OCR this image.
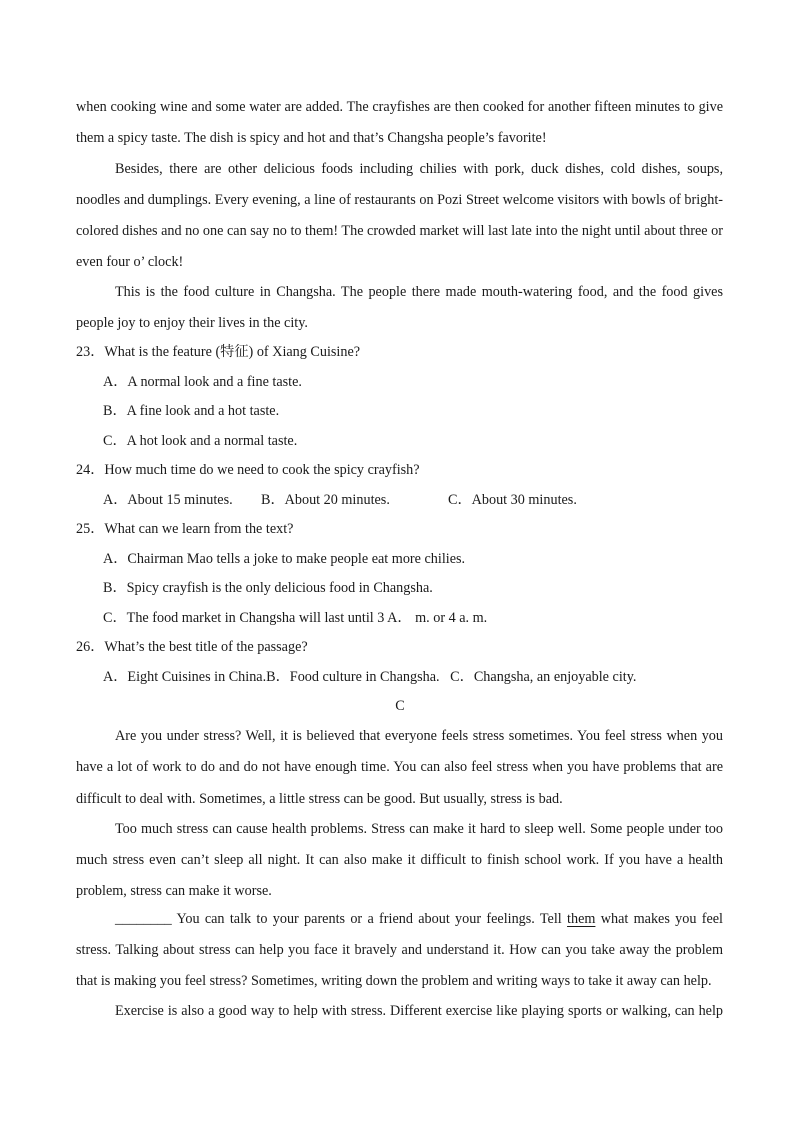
when cooking wine and some water are added. The crayfishes are then cooked for another fifteen minutes to give
them a spicy taste. The dish is spicy and hot and that’s Changsha people’s favorite!
Besides, there are other delicious foods including chilies with pork, duck dishes, cold dishes, soups,
noodles and dumplings. Every evening, a line of restaurants on Pozi Street welcome visitors with bowls of bright-
colored dishes and no one can say no to them! The crowded market will last late into the night until about three or
even four o’ clock!
This is the food culture in Changsha. The people there made mouth-watering food, and the food gives
people joy to enjoy their lives in the city.
23．What is the feature (特征) of Xiang Cuisine?
A．A normal look and a fine taste.
B．A fine look and a hot taste.
C．A hot look and a normal taste.
24．How much time do we need to cook the spicy crayfish?
A．About 15 minutes. B．About 20 minutes.	C．About 30 minutes.
25．What can we learn from the text?
A．Chairman Mao tells a joke to make people eat more chilies.
B．Spicy crayfish is the only delicious food in Changsha.
C．The food market in Changsha will last until 3 A． m. or 4 a. m.
26．What’s the best title of the passage?
A．Eight Cuisines in China.B．Food culture in Changsha.   C．Changsha, an enjoyable city.
C
Are you under stress? Well, it is believed that everyone feels stress sometimes. You feel stress when you
have a lot of work to do and do not have enough time. You can also feel stress when you have problems that are
difficult to deal with. Sometimes, a little stress can be good. But usually, stress is bad.
Too much stress can cause health problems. Stress can make it hard to sleep well. Some people under too
much stress even can’t sleep all night. It can also make it difficult to finish school work. If you have a health
problem, stress can make it worse.
________ You can talk to your parents or a friend about your feelings. Tell them what makes you feel
stress. Talking about stress can help you face it bravely and understand it. How can you take away the problem
that is making you feel stress? Sometimes, writing down the problem and writing ways to take it away can help.
Exercise is also a good way to help with stress. Different exercise like playing sports or walking, can help
